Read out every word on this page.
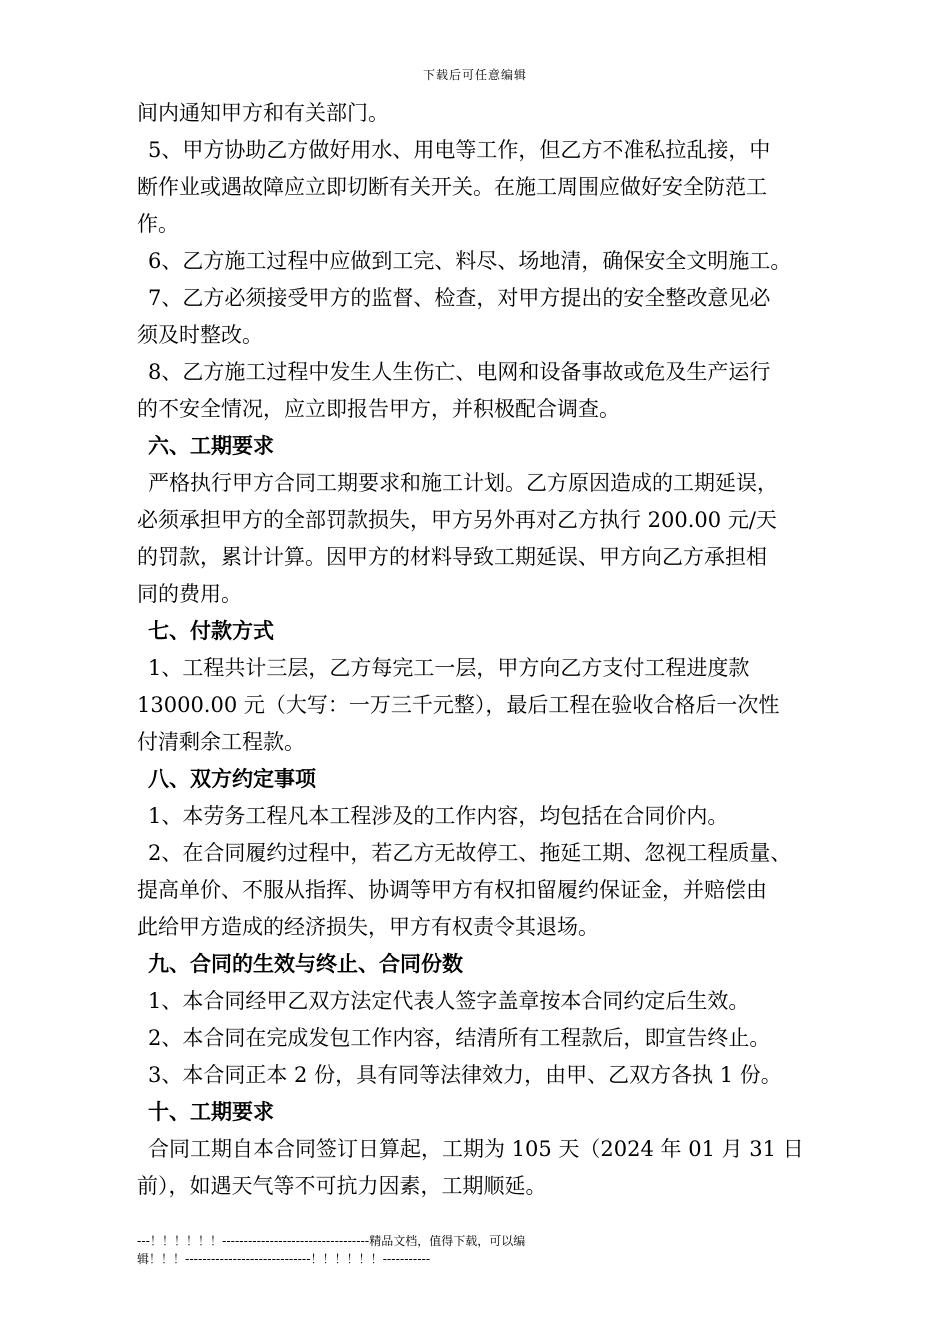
下载后可任意编辑
间内通知甲方和有关部门。
5、甲方协助乙方做好用水、用电等工作，但乙方不准私拉乱接，中
断作业或遇故障应立即切断有关开关。在施工周围应做好安全防范工
作。
6、乙方施工过程中应做到工完、料尽、场地清，确保安全文明施工。
7、乙方必须接受甲方的监督、检查，对甲方提出的安全整改意见必
须及时整改。
8、乙方施工过程中发生人生伤亡、电网和设备事故或危及生产运行
的不安全情况，应立即报告甲方，并积极配合调查。
六、工期要求
严格执行甲方合同工期要求和施工计划。乙方原因造成的工期延误，
必须承担甲方的全部罚款损失，甲方另外再对乙方执行 200.00 元/天
的罚款，累计计算。因甲方的材料导致工期延误、甲方向乙方承担相
同的费用。
七、付款方式
1、工程共计三层，乙方每完工一层，甲方向乙方支付工程进度款
13000.00 元（大写：一万三千元整），最后工程在验收合格后一次性
付清剩余工程款。
八、双方约定事项
1、本劳务工程凡本工程涉及的工作内容，均包括在合同价内。
2、在合同履约过程中，若乙方无故停工、拖延工期、忽视工程质量、
提高单价、不服从指挥、协调等甲方有权扣留履约保证金，并赔偿由
此给甲方造成的经济损失，甲方有权责令其退场。
九、合同的生效与终止、合同份数
1、本合同经甲乙双方法定代表人签字盖章按本合同约定后生效。
2、本合同在完成发包工作内容，结清所有工程款后，即宣告终止。
3、本合同正本 2 份，具有同等法律效力，由甲、乙双方各执 1 份。
十、工期要求
合同工期自本合同签订日算起，工期为 105 天（2024 年 01 月 31 日
前），如遇天气等不可抗力因素，工期顺延。
---！！！！！！----------------------------------精品文档，值得下载，可以编
辑！！！-----------------------------！！！！！！-----------
